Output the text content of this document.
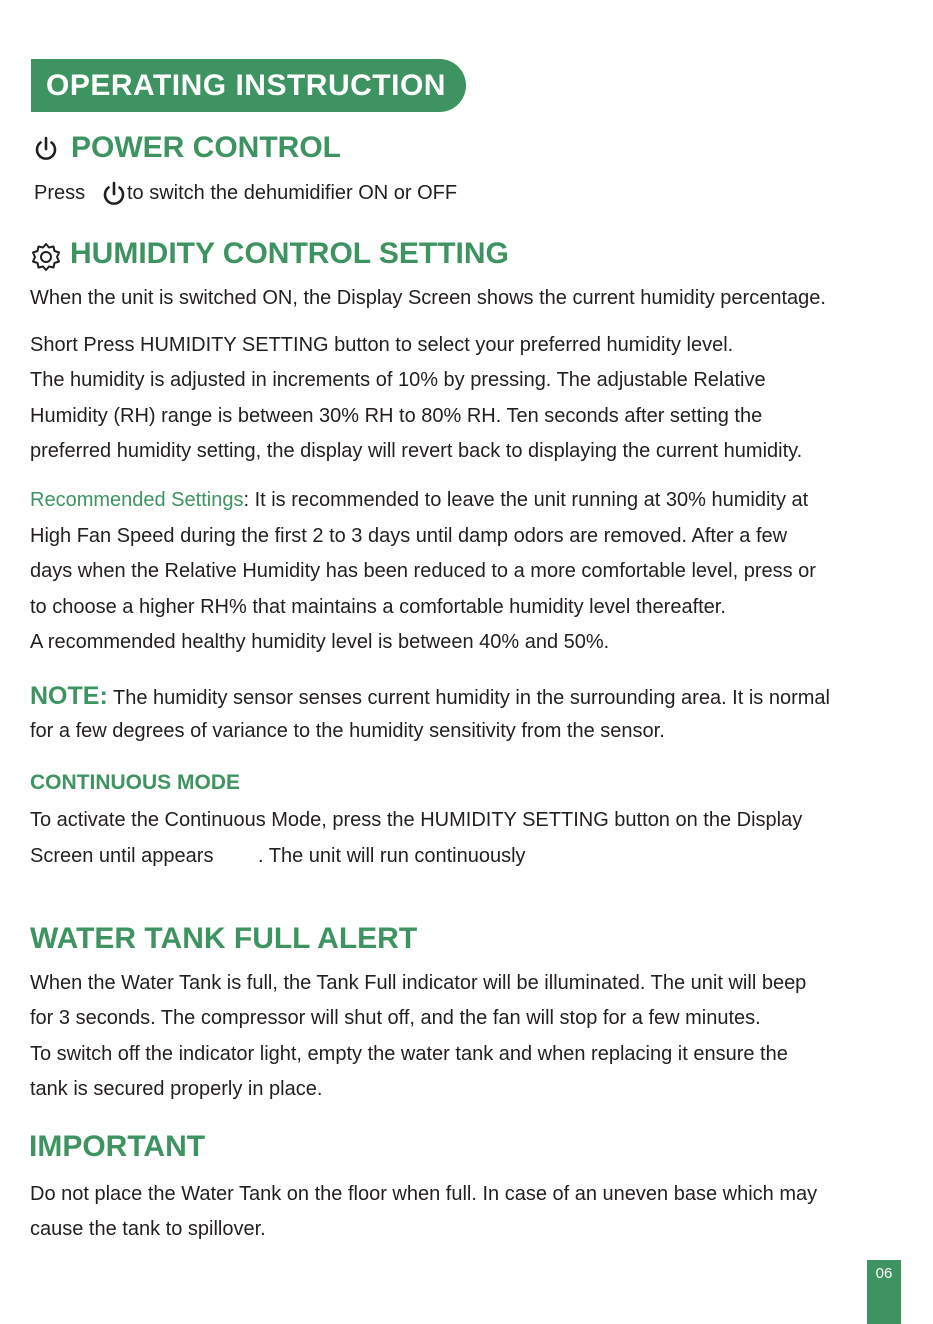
OPERATING INSTRUCTION
POWER CONTROL
Press to switch the dehumidifier ON or OFF
HUMIDITY CONTROL SETTING
When the unit is switched ON, the Display Screen shows the current humidity percentage.
Short Press HUMIDITY SETTING button to select your preferred humidity level.
The humidity is adjusted in increments of 10% by pressing. The adjustable Relative
Humidity (RH) range is between 30% RH to 80% RH. Ten seconds after setting the
preferred humidity setting, the display will revert back to displaying the current humidity.
Recommended Settings: It is recommended to leave the unit running at 30% humidity at
High Fan Speed during the first 2 to 3 days until damp odors are removed. After a few
days when the Relative Humidity has been reduced to a more comfortable level, press or
to choose a higher RH% that maintains a comfortable humidity level thereafter.
A recommended healthy humidity level is between 40% and 50%.
NOTE: The humidity sensor senses current humidity in the surrounding area. It is normal
for a few degrees of variance to the humidity sensitivity from the sensor.
CONTINUOUS MODE
To activate the Continuous Mode, press the HUMIDITY SETTING button on the Display
Screen until appears . The unit will run continuously
WATER TANK FULL ALERT
When the Water Tank is full, the Tank Full indicator will be illuminated. The unit will beep
for 3 seconds. The compressor will shut off, and the fan will stop for a few minutes.
To switch off the indicator light, empty the water tank and when replacing it ensure the
tank is secured properly in place.
IMPORTANT
Do not place the Water Tank on the floor when full. In case of an uneven base which may
cause the tank to spillover.
06
